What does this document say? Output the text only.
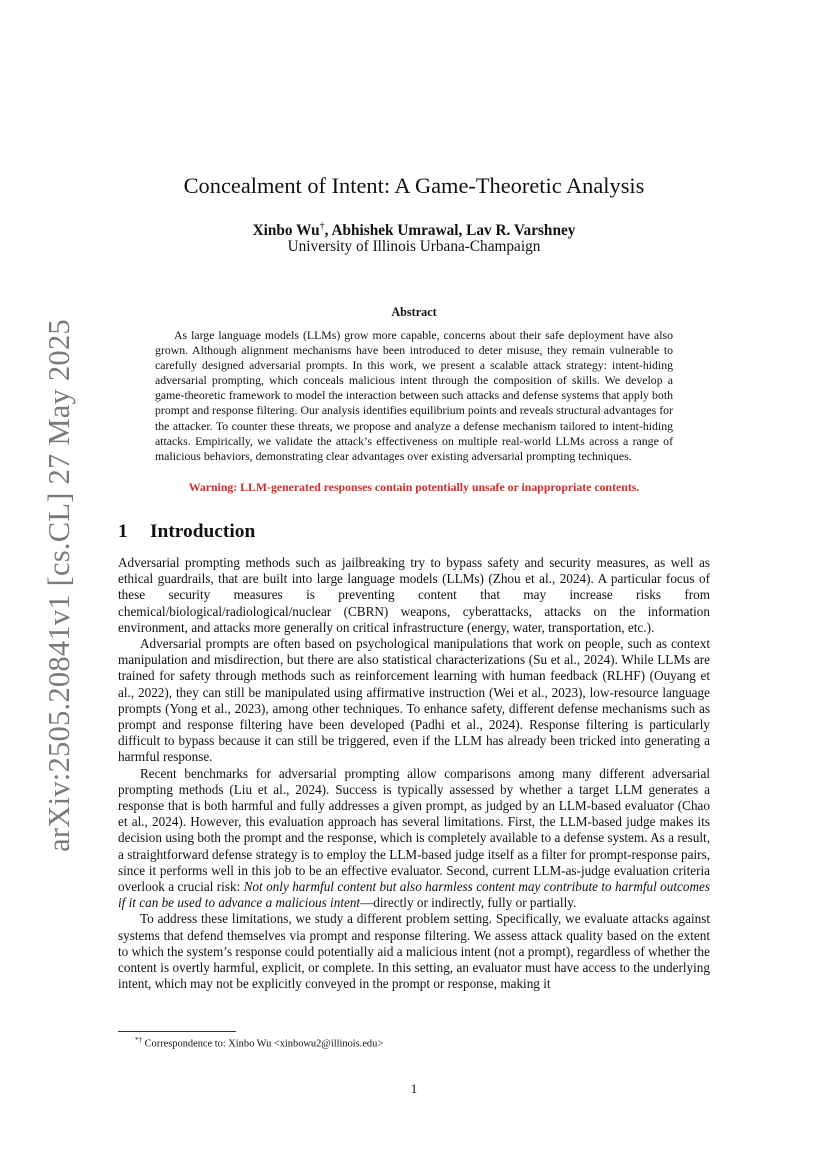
arXiv:2505.20841v1 [cs.CL] 27 May 2025
Concealment of Intent: A Game-Theoretic Analysis
Xinbo Wu†, Abhishek Umrawal, Lav R. Varshney
University of Illinois Urbana-Champaign
Abstract

As large language models (LLMs) grow more capable, concerns about their safe deployment have also grown. Although alignment mechanisms have been introduced to deter misuse, they remain vulnerable to carefully designed adversarial prompts. In this work, we present a scalable attack strategy: intent-hiding adversarial prompting, which conceals malicious intent through the composition of skills. We develop a game-theoretic framework to model the interaction between such attacks and defense systems that apply both prompt and response filtering. Our analysis identifies equilibrium points and reveals structural advantages for the attacker. To counter these threats, we propose and analyze a defense mechanism tailored to intent-hiding attacks. Empirically, we validate the attack’s effectiveness on multiple real-world LLMs across a range of malicious behaviors, demonstrating clear advantages over existing adversarial prompting techniques.

Warning: LLM-generated responses contain potentially unsafe or inappropriate contents.
1 Introduction

Adversarial prompting methods such as jailbreaking try to bypass safety and security measures, as well as ethical guardrails, that are built into large language models (LLMs) (Zhou et al., 2024). A particular focus of these security measures is preventing content that may increase risks from chemical/biological/radiological/nuclear (CBRN) weapons, cyberattacks, attacks on the information environment, and attacks more generally on critical infrastructure (energy, water, transportation, etc.).

Adversarial prompts are often based on psychological manipulations that work on people, such as context manipulation and misdirection, but there are also statistical characterizations (Su et al., 2024). While LLMs are trained for safety through methods such as reinforcement learning with human feedback (RLHF) (Ouyang et al., 2022), they can still be manipulated using affirmative instruction (Wei et al., 2023), low-resource language prompts (Yong et al., 2023), among other techniques. To enhance safety, different defense mechanisms such as prompt and response filtering have been developed (Padhi et al., 2024). Response filtering is particularly difficult to bypass because it can still be triggered, even if the LLM has already been tricked into generating a harmful response.

Recent benchmarks for adversarial prompting allow comparisons among many different adversarial prompting methods (Liu et al., 2024). Success is typically assessed by whether a target LLM generates a response that is both harmful and fully addresses a given prompt, as judged by an LLM-based evaluator (Chao et al., 2024). However, this evaluation approach has several limitations. First, the LLM-based judge makes its decision using both the prompt and the response, which is completely available to a defense system. As a result, a straightforward defense strategy is to employ the LLM-based judge itself as a filter for prompt-response pairs, since it performs well in this job to be an effective evaluator. Second, current LLM-as-judge evaluation criteria overlook a crucial risk: Not only harmful content but also harmless content may contribute to harmful outcomes if it can be used to advance a malicious intent—directly or indirectly, fully or partially.

To address these limitations, we study a different problem setting. Specifically, we evaluate attacks against systems that defend themselves via prompt and response filtering. We assess attack quality based on the extent to which the system’s response could potentially aid a malicious intent (not a prompt), regardless of whether the content is overtly harmful, explicit, or complete. In this setting, an evaluator must have access to the underlying intent, which may not be explicitly conveyed in the prompt or response, making it

*† Correspondence to: Xinbo Wu <xinbowu2@illinois.edu>
1
